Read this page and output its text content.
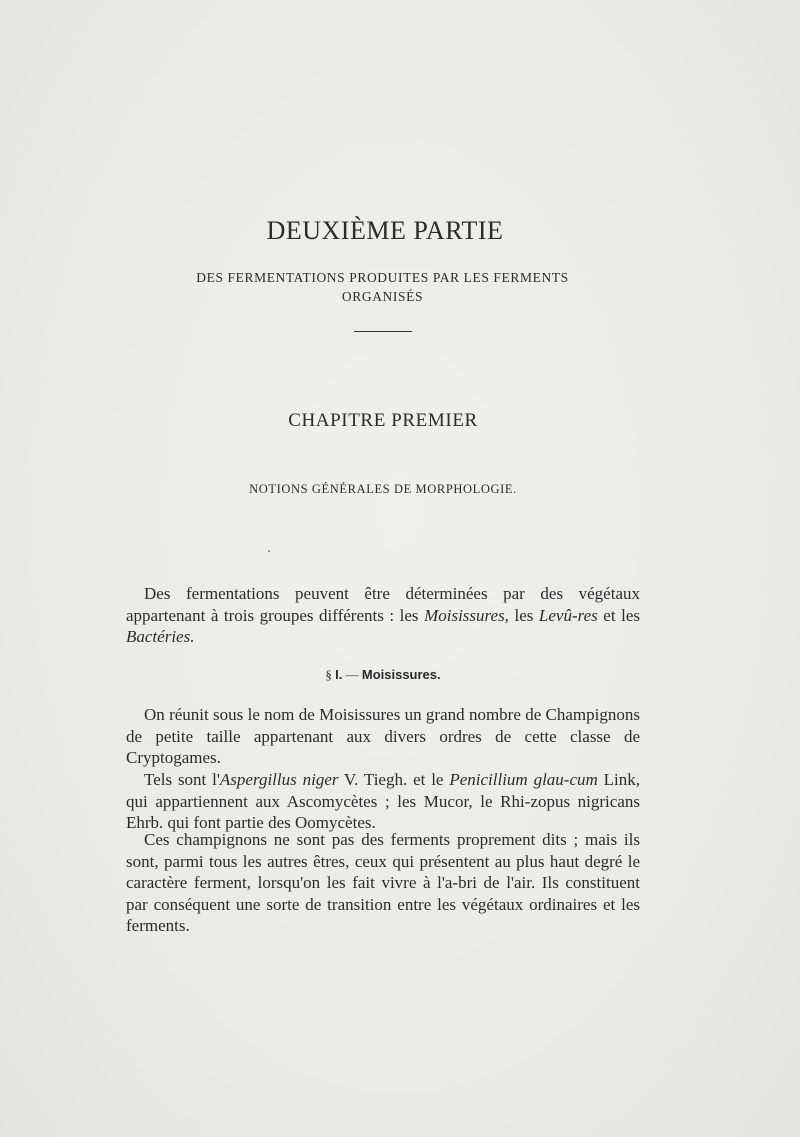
DEUXIÈME PARTIE

DES FERMENTATIONS PRODUITES PAR LES FERMENTS
ORGANISÉS

CHAPITRE PREMIER

NOTIONS GÉNÉRALES DE MORPHOLOGIE.

Des fermentations peuvent être déterminées par des végétaux appartenant à trois groupes différents : les Moisissures, les Levû-res et les Bactéries.

§ I. — Moisissures.

On réunit sous le nom de Moisissures un grand nombre de Champignons de petite taille appartenant aux divers ordres de cette classe de Cryptogames.

Tels sont l'Aspergillus niger V. Tiegh. et le Penicillium glau-cum Link, qui appartiennent aux Ascomycètes ; les Mucor, le Rhi-zopus nigricans Ehrb. qui font partie des Oomycètes.

Ces champignons ne sont pas des ferments proprement dits ; mais ils sont, parmi tous les autres êtres, ceux qui présentent au plus haut degré le caractère ferment, lorsqu'on les fait vivre à l'a-bri de l'air. Ils constituent par conséquent une sorte de transition entre les végétaux ordinaires et les ferments.
